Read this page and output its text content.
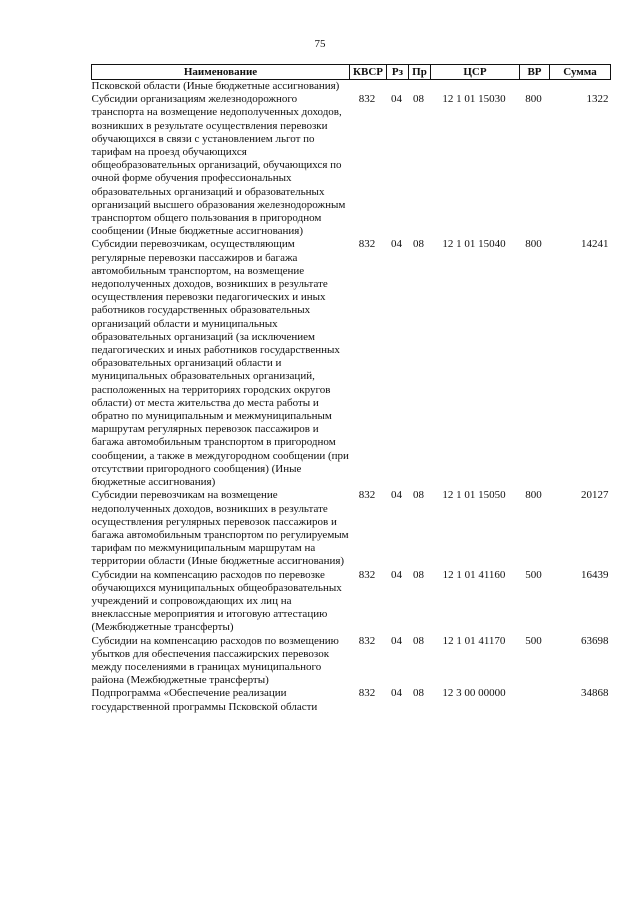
75
Наименование	КВСР	Рз	Пр	ЦСР	ВР	Сумма
Псковской области (Иные бюджетные ассигнования)						
Субсидии организациям железнодорожного транспорта на возмещение недополученных доходов, возникших в результате осуществления перевозки обучающихся в связи с установлением льгот по тарифам на проезд обучающихся общеобразовательных организаций, обучающихся по очной форме обучения профессиональных образовательных организаций и образовательных организаций высшего образования железнодорожным транспортом общего пользования в пригородном сообщении (Иные бюджетные ассигнования)	832	04	08	12 1 01 15030	800	1322
Субсидии перевозчикам, осуществляющим регулярные перевозки пассажиров и багажа автомобильным транспортом, на возмещение недополученных доходов, возникших в результате осуществления перевозки педагогических и иных работников государственных образовательных организаций области и муниципальных образовательных организаций (за исключением педагогических и иных работников государственных образовательных организаций области и муниципальных образовательных организаций, расположенных на территориях городских округов области) от места жительства до места работы и обратно по муниципальным и межмуниципальным маршрутам регулярных перевозок пассажиров и багажа автомобильным транспортом в пригородном сообщении, а также в междугородном сообщении (при отсутствии пригородного сообщения) (Иные бюджетные ассигнования)	832	04	08	12 1 01 15040	800	14241
Субсидии перевозчикам на возмещение недополученных доходов, возникших в результате осуществления регулярных перевозок пассажиров и багажа автомобильным транспортом по регулируемым тарифам по межмуниципальным маршрутам на территории области (Иные бюджетные ассигнования)	832	04	08	12 1 01 15050	800	20127
Субсидии на компенсацию расходов по перевозке обучающихся муниципальных общеобразовательных учреждений и сопровождающих их лиц на внеклассные мероприятия и итоговую аттестацию (Межбюджетные трансферты)	832	04	08	12 1 01 41160	500	16439
Субсидии на компенсацию расходов по возмещению убытков для обеспечения пассажирских перевозок между поселениями в границах муниципального района (Межбюджетные трансферты)	832	04	08	12 1 01 41170	500	63698
Подпрограмма «Обеспечение реализации государственной программы Псковской области	832	04	08	12 3 00 00000		34868
